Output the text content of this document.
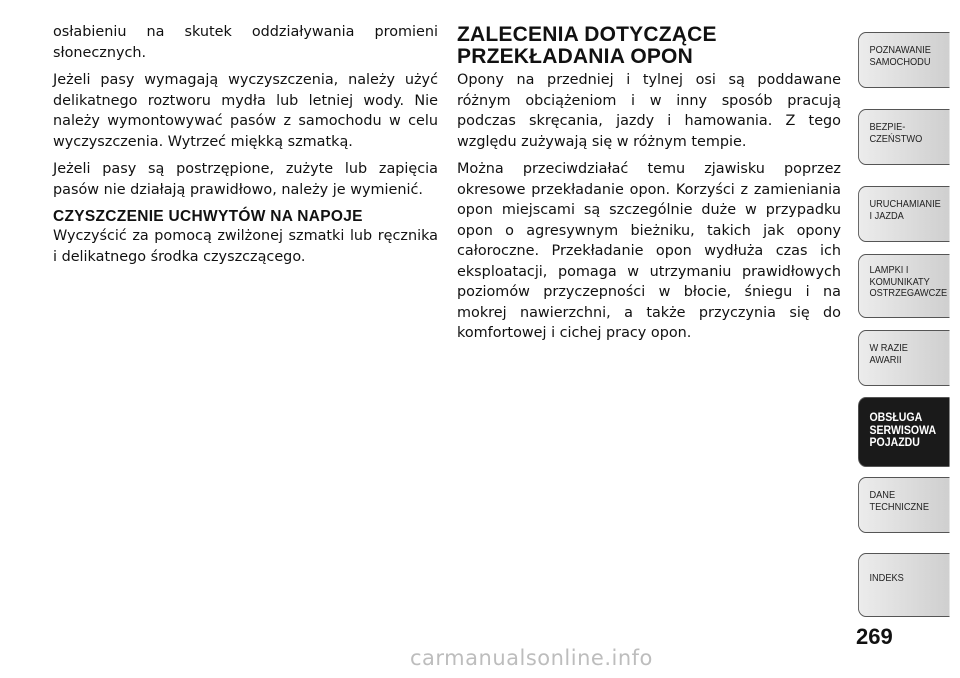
osłabieniu na skutek oddziaływania promieni słonecznych.

Jeżeli pasy wymagają wyczyszczenia, należy użyć delikatnego roztworu mydła lub letniej wody. Nie należy wymontowywać pasów z samochodu w celu wyczyszczenia. Wytrzeć miękką szmatką.

Jeżeli pasy są postrzępione, zużyte lub zapięcia pasów nie działają prawidłowo, należy je wymienić.

CZYSZCZENIE UCHWYTÓW NA NAPOJE

Wyczyścić za pomocą zwilżonej szmatki lub ręcznika i delikatnego środka czyszczącego.

ZALECENIA DOTYCZĄCE
PRZEKŁADANIA OPON

Opony na przedniej i tylnej osi są poddawane różnym obciążeniom i w inny sposób pracują podczas skręcania, jazdy i hamowania. Z tego względu zużywają się w różnym tempie.

Można przeciwdziałać temu zjawisku poprzez okresowe przekładanie opon. Korzyści z zamieniania opon miejscami są szczególnie duże w przypadku opon o agresywnym bieżniku, takich jak opony całoroczne. Przekładanie opon wydłuża czas ich eksploatacji, pomaga w utrzymaniu prawidłowych poziomów przyczepności w błocie, śniegu i na mokrej nawierzchni, a także przyczynia się do komfortowej i cichej pracy opon.

POZNAWANIE
SAMOCHODU
BEZPIE-
CZEŃSTWO
URUCHAMIANIE
I JAZDA
LAMPKI I
KOMUNIKATY
OSTRZEGAWCZE
W RAZIE
AWARII
OBSŁUGA
SERWISOWA
POJAZDU
DANE
TECHNICZNE
INDEKS
269
carmanualsonline.info
